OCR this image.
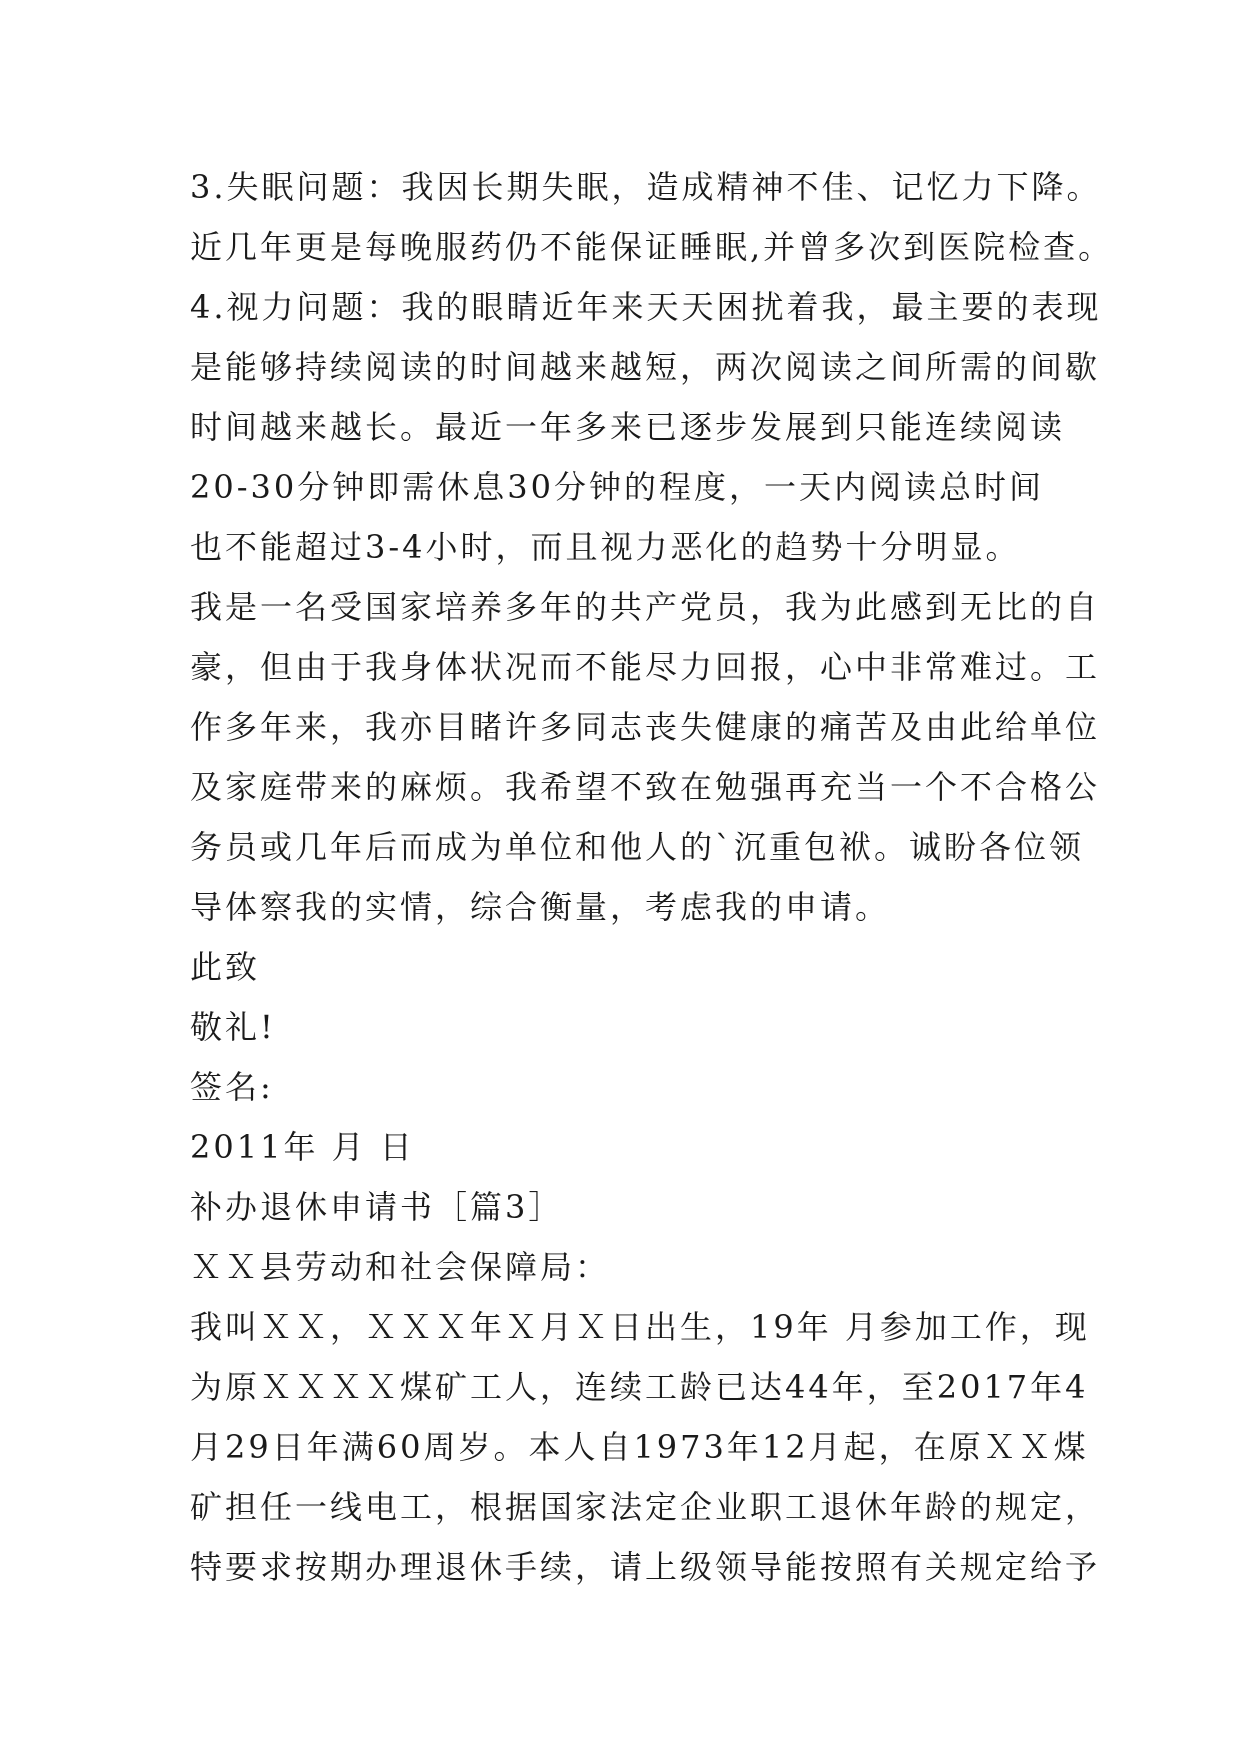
3.失眠问题：我因长期失眠，造成精神不佳、记忆力下降。
近几年更是每晚服药仍不能保证睡眠,并曾多次到医院检查。
4.视力问题：我的眼睛近年来天天困扰着我，最主要的表现
是能够持续阅读的时间越来越短，两次阅读之间所需的间歇
时间越来越长。最近一年多来已逐步发展到只能连续阅读
20-30分钟即需休息30分钟的程度，一天内阅读总时间
也不能超过3-4小时，而且视力恶化的趋势十分明显。
我是一名受国家培养多年的共产党员，我为此感到无比的自
豪，但由于我身体状况而不能尽力回报，心中非常难过。工
作多年来，我亦目睹许多同志丧失健康的痛苦及由此给单位
及家庭带来的麻烦。我希望不致在勉强再充当一个不合格公
务员或几年后而成为单位和他人的`沉重包袱。诚盼各位领
导体察我的实情，综合衡量，考虑我的申请。
此致
敬礼!
签名:
2011年 月 日
补办退休申请书［篇3］
ＸＸ县劳动和社会保障局：
我叫ＸＸ，ＸＸＸ年Ｘ月Ｘ日出生，19年 月参加工作，现
为原ＸＸＸＸ煤矿工人，连续工龄已达44年，至2017年4
月29日年满60周岁。本人自1973年12月起，在原ＸＸ煤
矿担任一线电工，根据国家法定企业职工退休年龄的规定，
特要求按期办理退休手续，请上级领导能按照有关规定给予
